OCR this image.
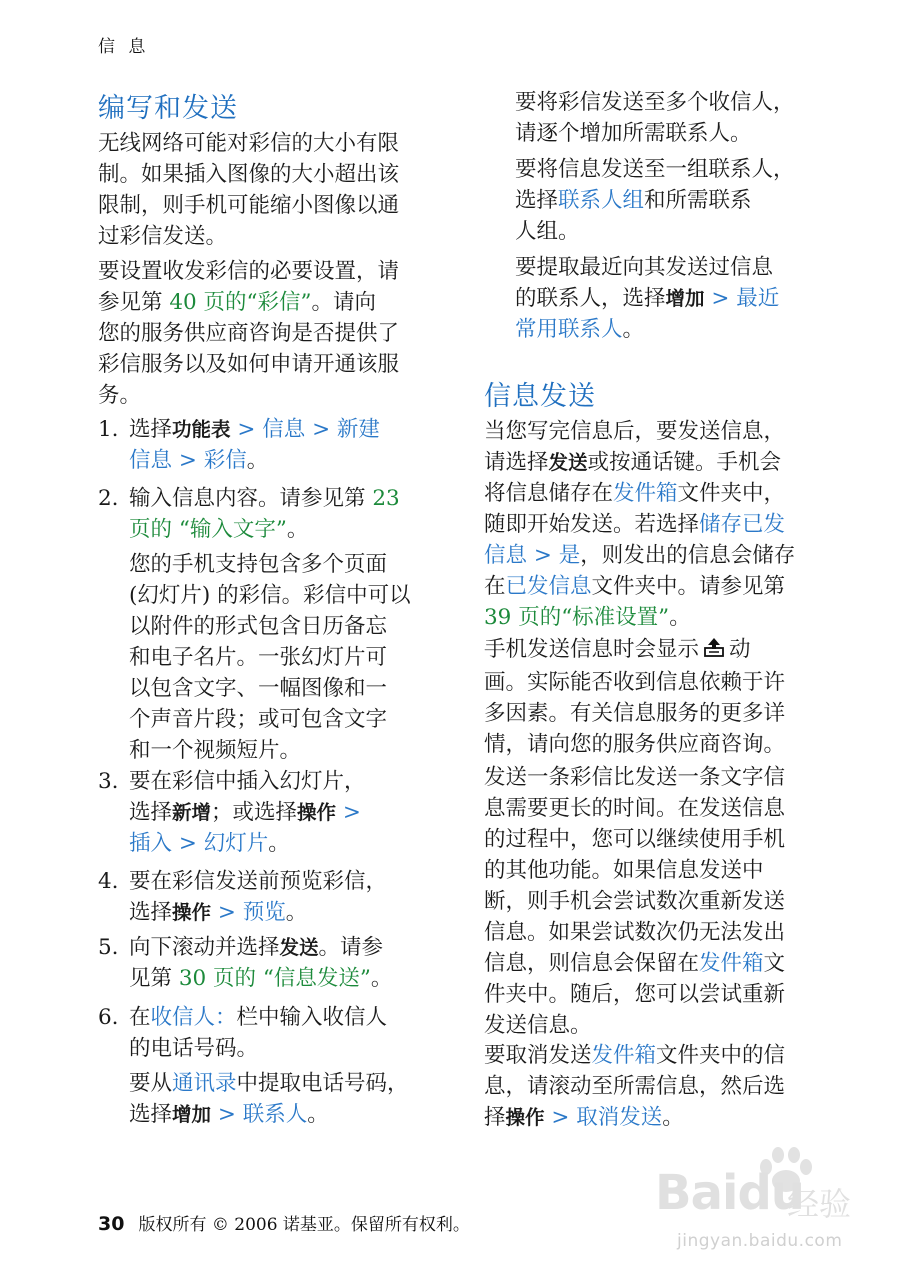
信 息
编写和发送

无线网络可能对彩信的大小有限
制。如果插入图像的大小超出该
限制，则手机可能缩小图像以通
过彩信发送。

要设置收发彩信的必要设置，请
参见第 40 页的“彩信”。请向
您的服务供应商咨询是否提供了
彩信服务以及如何申请开通该服
务。

1. 选择功能表 > 信息 > 新建
信息 > 彩信。

2. 输入信息内容。请参见第 23
页的 “输入文字”。

您的手机支持包含多个页面
(幻灯片) 的彩信。彩信中可以
以附件的形式包含日历备忘
和电子名片。一张幻灯片可
以包含文字、一幅图像和一
个声音片段；或可包含文字
和一个视频短片。

3. 要在彩信中插入幻灯片，
选择新增；或选择操作 >
插入 > 幻灯片。

4. 要在彩信发送前预览彩信，
选择操作 > 预览。

5. 向下滚动并选择发送。请参
见第 30 页的 “信息发送”。

6. 在收信人：栏中输入收信人
的电话号码。

要从通讯录中提取电话号码，
选择增加 > 联系人。

要将彩信发送至多个收信人，
请逐个增加所需联系人。

要将信息发送至一组联系人，
选择联系人组和所需联系
人组。

要提取最近向其发送过信息
的联系人，选择增加 > 最近
常用联系人。

信息发送

当您写完信息后，要发送信息，
请选择发送或按通话键。手机会
将信息储存在发件箱文件夹中，
随即开始发送。若选择储存已发
信息 > 是，则发出的信息会储存
在已发信息文件夹中。请参见第
39 页的“标准设置”。

手机发送信息时会显示 动
画。实际能否收到信息依赖于许
多因素。有关信息服务的更多详
情，请向您的服务供应商咨询。

发送一条彩信比发送一条文字信
息需要更长的时间。在发送信息
的过程中，您可以继续使用手机
的其他功能。如果信息发送中
断，则手机会尝试数次重新发送
信息。如果尝试数次仍无法发出
信息，则信息会保留在发件箱文
件夹中。随后，您可以尝试重新
发送信息。

要取消发送发件箱文件夹中的信
息，请滚动至所需信息，然后选
择操作 > 取消发送。

Baidu
经验
jingyan.baidu.com
30 版权所有 © 2006 诺基亚。保留所有权利。
